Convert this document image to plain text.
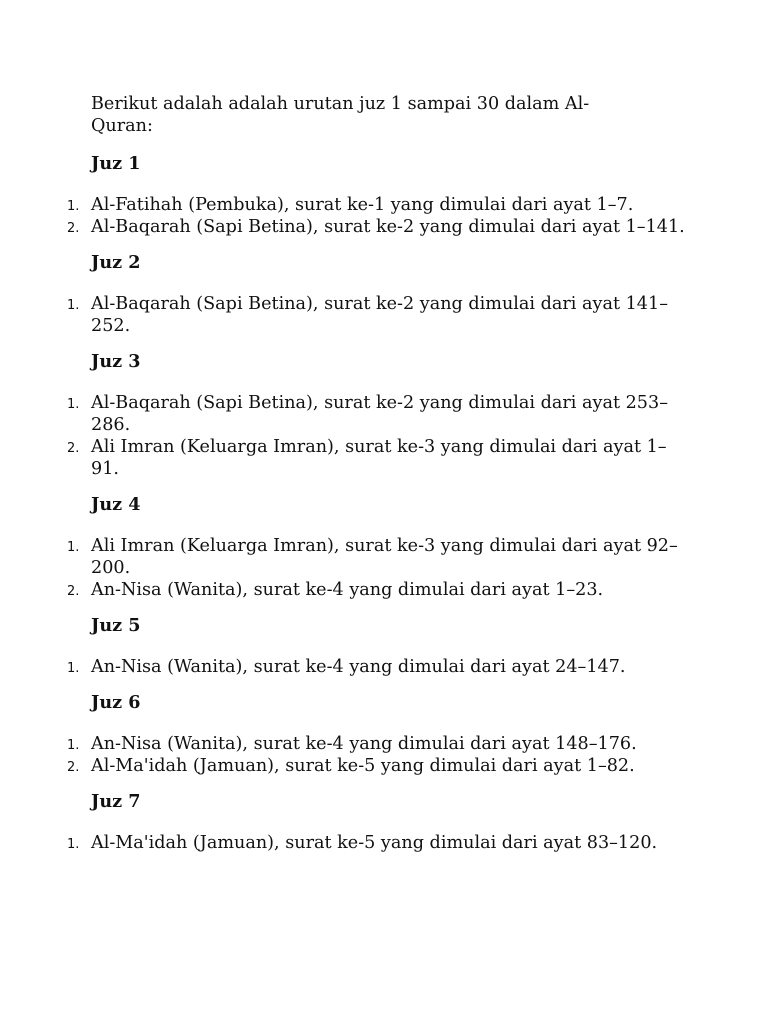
Berikut adalah adalah urutan juz 1 sampai 30 dalam Al-Quran:

Juz 1
1. Al-Fatihah (Pembuka), surat ke-1 yang dimulai dari ayat 1–7.
2. Al-Baqarah (Sapi Betina), surat ke-2 yang dimulai dari ayat 1–141.
Juz 2
1. Al-Baqarah (Sapi Betina), surat ke-2 yang dimulai dari ayat 141–252.
Juz 3
1. Al-Baqarah (Sapi Betina), surat ke-2 yang dimulai dari ayat 253–286.
2. Ali Imran (Keluarga Imran), surat ke-3 yang dimulai dari ayat 1–91.
Juz 4
1. Ali Imran (Keluarga Imran), surat ke-3 yang dimulai dari ayat 92–200.
2. An-Nisa (Wanita), surat ke-4 yang dimulai dari ayat 1–23.
Juz 5
1. An-Nisa (Wanita), surat ke-4 yang dimulai dari ayat 24–147.
Juz 6
1. An-Nisa (Wanita), surat ke-4 yang dimulai dari ayat 148–176.
2. Al-Ma'idah (Jamuan), surat ke-5 yang dimulai dari ayat 1–82.
Juz 7
1. Al-Ma'idah (Jamuan), surat ke-5 yang dimulai dari ayat 83–120.
